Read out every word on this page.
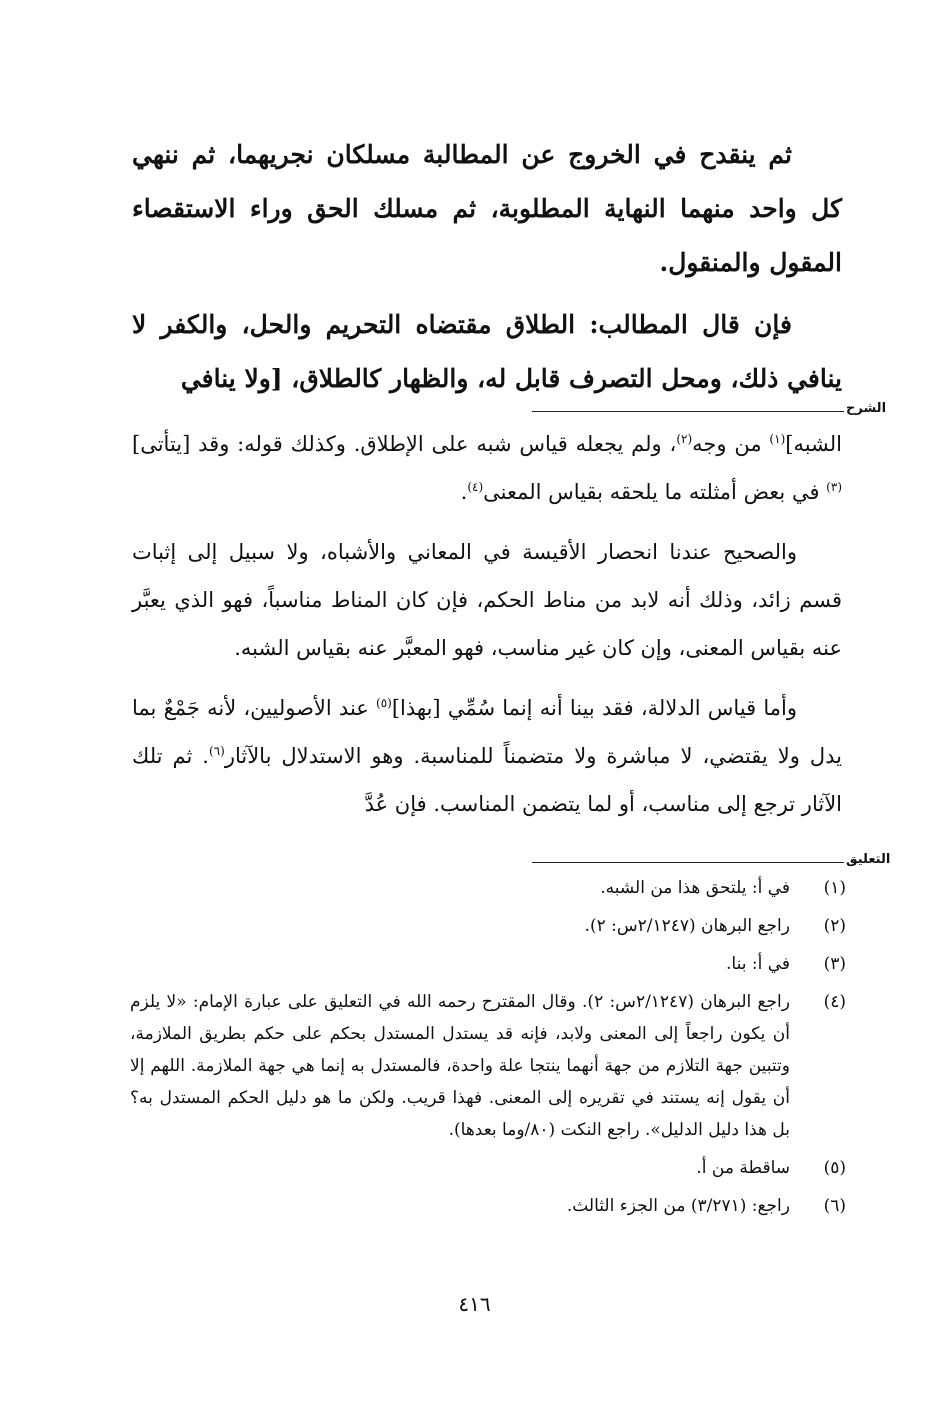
ثم ينقدح في الخروج عن المطالبة مسلكان نجريهما، ثم ننهي كل واحد منهما النهاية المطلوبة، ثم مسلك الحق وراء الاستقصاء المقول والمنقول.

فإن قال المطالب: الطلاق مقتضاه التحريم والحل، والكفر لا ينافي ذلك، ومحل التصرف قابل له، والظهار كالطلاق، [ولا ينافي

الشرح

الشبه]$^{(١)}$ من وجه$^{(٢)}$، ولم يجعله قياس شبه على الإطلاق. وكذلك قوله: وقد [يتأتى]$^{(٣)}$ في بعض أمثلته ما يلحقه بقياس المعنى$^{(٤)}$.

والصحيح عندنا انحصار الأقيسة في المعاني والأشباه، ولا سبيل إلى إثبات قسم زائد، وذلك أنه لابد من مناط الحكم، فإن كان المناط مناسباً، فهو الذي يعبَّر عنه بقياس المعنى، وإن كان غير مناسب، فهو المعبَّر عنه بقياس الشبه.

وأما قياس الدلالة، فقد بينا أنه إنما سُمِّي [بهذا]$^{(٥)}$ عند الأصوليين، لأنه جَمْعٌ بما يدل ولا يقتضي، لا مباشرة ولا متضمناً للمناسبة. وهو الاستدلال بالآثار$^{(٦)}$. ثم تلك الآثار ترجع إلى مناسب، أو لما يتضمن المناسب. فإن عُدَّ

التعليق
(١)
في أ: يلتحق هذا من الشبه.
(٢)
راجع البرهان (٢/١٢٤٧س: ٢).
(٣)
في أ: بنا.
(٤)
راجع البرهان (٢/١٢٤٧س: ٢). وقال المقترح رحمه الله في التعليق على عبارة الإمام: «لا يلزم أن يكون راجعاً إلى المعنى ولابد، فإنه قد يستدل المستدل بحكم على حكم بطريق الملازمة، وتتبين جهة التلازم من جهة أنهما ينتجا علة واحدة، فالمستدل به إنما هي جهة الملازمة. اللهم إلا أن يقول إنه يستند في تقريره إلى المعنى. فهذا قريب. ولكن ما هو دليل الحكم المستدل به؟ بل هذا دليل الدليل». راجع النكت (٨٠/وما بعدها).
(٥)
ساقطة من أ.
(٦)
راجع: (٣/٢٧١) من الجزء الثالث.
٤١٦
